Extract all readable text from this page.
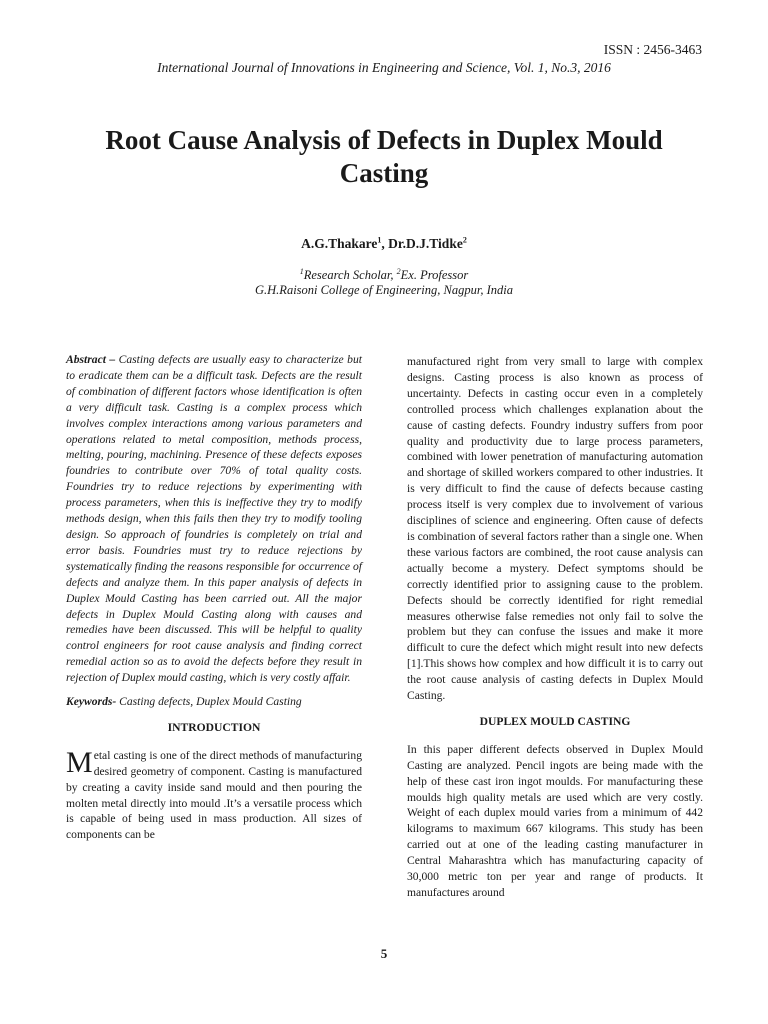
ISSN : 2456-3463
International Journal of Innovations in Engineering and Science, Vol. 1, No.3, 2016
Root Cause Analysis of Defects in Duplex Mould Casting
A.G.Thakare$^1$, Dr.D.J.Tidke$^2$
$^1$Research Scholar, $^2$Ex. Professor
G.H.Raisoni College of Engineering, Nagpur, India

Abstract – Casting defects are usually easy to characterize but to eradicate them can be a difficult task. Defects are the result of combination of different factors whose identification is often a very difficult task. Casting is a complex process which involves complex interactions among various parameters and operations related to metal composition, methods process, melting, pouring, machining. Presence of these defects exposes foundries to contribute over 70% of total quality costs. Foundries try to reduce rejections by experimenting with process parameters, when this is ineffective they try to modify methods design, when this fails then they try to modify tooling design. So approach of foundries is completely on trial and error basis. Foundries must try to reduce rejections by systematically finding the reasons responsible for occurrence of defects and analyze them. In this paper analysis of defects in Duplex Mould Casting has been carried out. All the major defects in Duplex Mould Casting along with causes and remedies have been discussed. This will be helpful to quality control engineers for root cause analysis and finding correct remedial action so as to avoid the defects before they result in rejection of Duplex mould casting, which is very costly affair.

Keywords- Casting defects, Duplex Mould Casting

INTRODUCTION

Metal casting is one of the direct methods of manufacturing desired geometry of component. Casting is manufactured by creating a cavity inside sand mould and then pouring the molten metal directly into mould .It’s a versatile process which is capable of being used in mass production. All sizes of components can be

manufactured right from very small to large with complex designs. Casting process is also known as process of uncertainty. Defects in casting occur even in a completely controlled process which challenges explanation about the cause of casting defects. Foundry industry suffers from poor quality and productivity due to large process parameters, combined with lower penetration of manufacturing automation and shortage of skilled workers compared to other industries. It is very difficult to find the cause of defects because casting process itself is very complex due to involvement of various disciplines of science and engineering. Often cause of defects is combination of several factors rather than a single one. When these various factors are combined, the root cause analysis can actually become a mystery. Defect symptoms should be correctly identified prior to assigning cause to the problem. Defects should be correctly identified for right remedial measures otherwise false remedies not only fail to solve the problem but they can confuse the issues and make it more difficult to cure the defect which might result into new defects [1].This shows how complex and how difficult it is to carry out the root cause analysis of casting defects in Duplex Mould Casting.

DUPLEX MOULD CASTING

In this paper different defects observed in Duplex Mould Casting are analyzed. Pencil ingots are being made with the help of these cast iron ingot moulds. For manufacturing these moulds high quality metals are used which are very costly. Weight of each duplex mould varies from a minimum of 442 kilograms to maximum 667 kilograms. This study has been carried out at one of the leading casting manufacturer in Central Maharashtra which has manufacturing capacity of 30,000 metric ton per year and range of products. It manufactures around

5
